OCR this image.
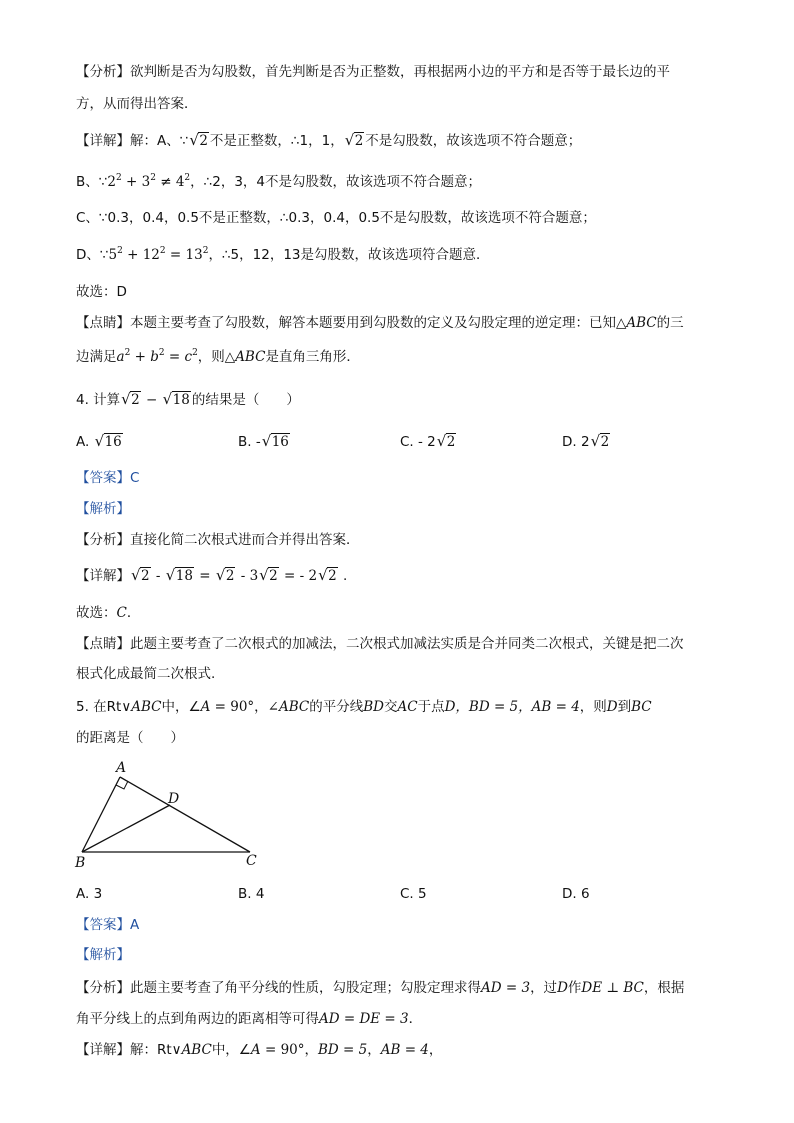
【分析】欲判断是否为勾股数，首先判断是否为正整数，再根据两小边的平方和是否等于最长边的平
方，从而得出答案．
【详解】解：A、∵ √ 2 不是正整数，∴1，1， √ 2 不是勾股数，故该选项不符合题意；
B、$\because 2^2 + 3^2 \ne 4^2$，∴2，3，4不是勾股数，故该选项不符合题意；
C、∵0.3，0.4，0.5不是正整数，∴0.3，0.4，0.5不是勾股数，故该选项不符合题意；
D、$\because 5^2 + 12^2 = 13^2$，∴5，12，13是勾股数，故该选项符合题意．
故选：D
【点睛】本题主要考查了勾股数，解答本题要用到勾股数的定义及勾股定理的逆定理：已知△ABC的三
边满足$a^2 + b^2 = c^2$，则△ABC是直角三角形．
4. 计算 √ 2 − √ 18 的结果是（　　）
A. √ 16	B. - √ 16	C. - 2 √ 2	D. 2 √ 2
【答案】C
【解析】
【分析】直接化简二次根式进而合并得出答案．
【详解】 √ 2 - √ 18 = √ 2 - 3 √ 2 = - 2 √ 2 .
故选：C．
【点睛】此题主要考查了二次根式的加减法，二次根式加减法实质是合并同类二次根式，关键是把二次
根式化成最简二次根式.
5. 在Rt∨ABC中，∠A = 90°，∠ABC的平分线BD交AC于点D，BD = 5，AB = 4，则D到BC
的距离是（　　）
A
D
B	C
A. 3	B. 4	C. 5	D. 6
【答案】A
【解析】
【分析】此题主要考查了角平分线的性质，勾股定理；勾股定理求得AD = 3，过D作DE ⊥ BC，根据
角平分线上的点到角两边的距离相等可得AD = DE = 3．
【详解】解：Rt∨ABC中，∠A = 90°，BD = 5，AB = 4，
